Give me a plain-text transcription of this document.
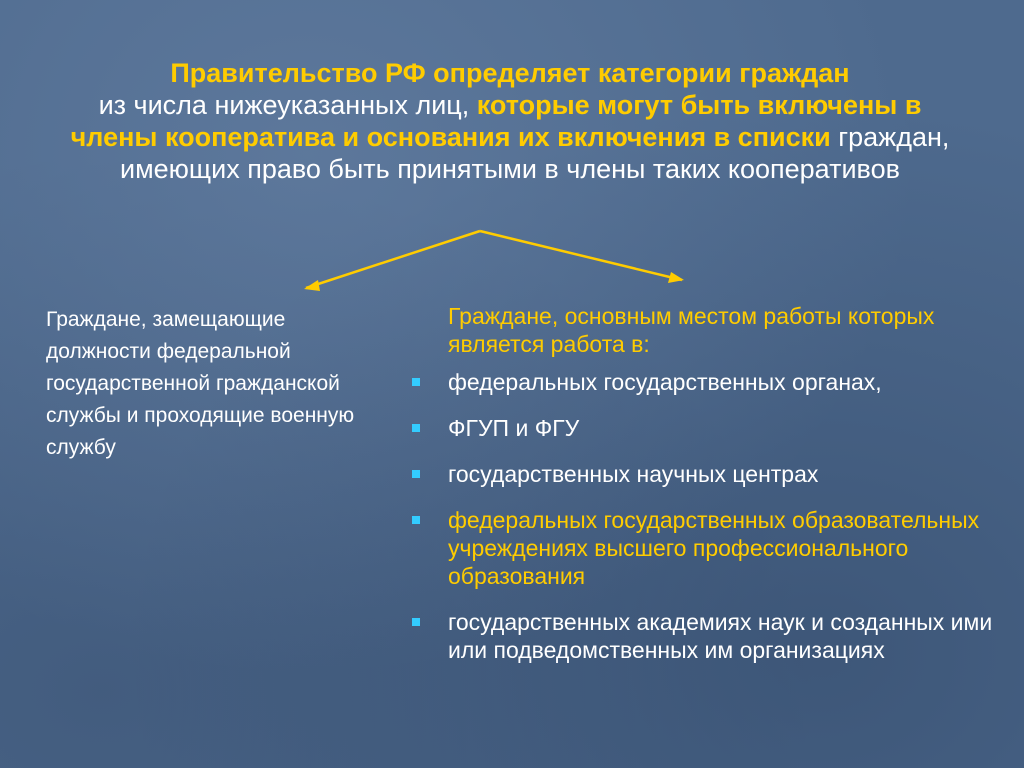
Правительство РФ определяет категории граждан
из числа нижеуказанных лиц, которые могут быть включены в члены кооператива и основания их включения в списки граждан, имеющих право быть принятыми в члены таких кооперативов
Граждане, замещающие должности федеральной государственной гражданской службы и проходящие военную службу
Граждане, основным местом работы которых является работа в:
федеральных государственных органах,
ФГУП и ФГУ
государственных научных центрах
федеральных государственных образовательных учреждениях высшего профессионального образования
государственных академиях наук и созданных ими или подведомственных им организациях
